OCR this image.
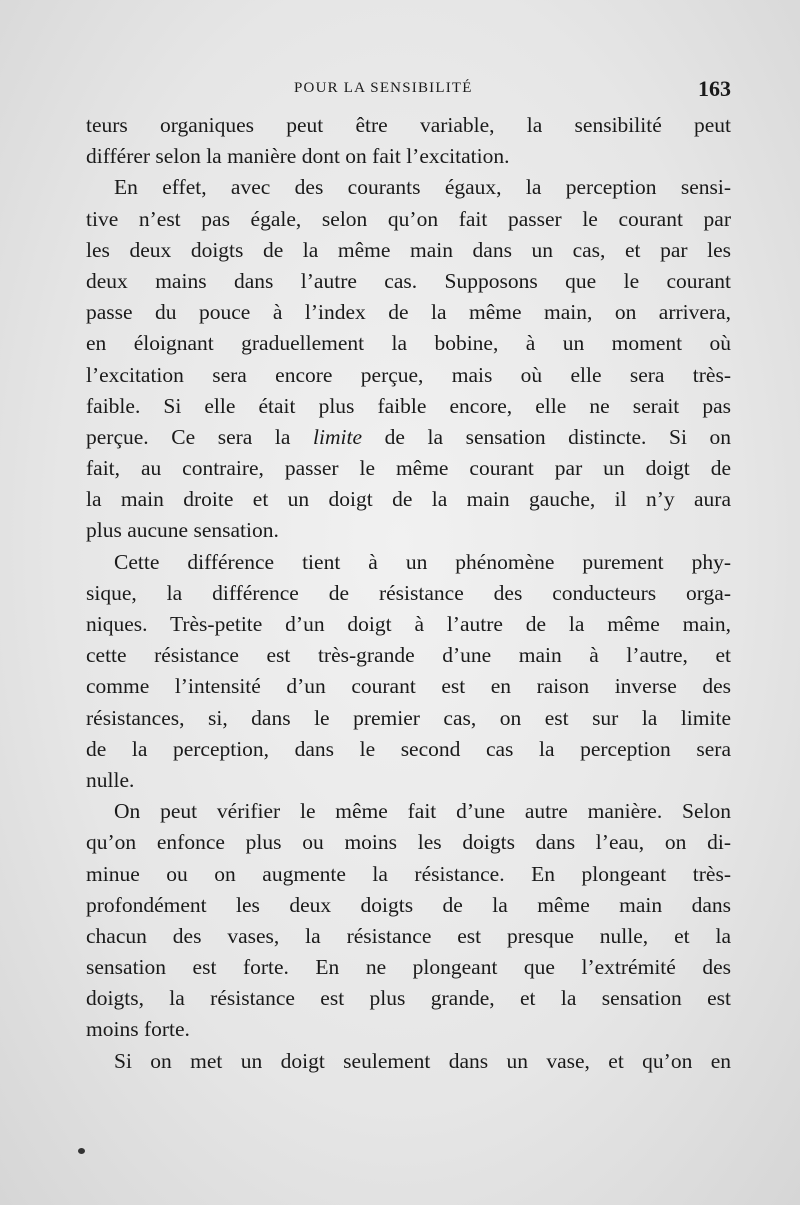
POUR LA SENSIBILITÉ	163
teurs organiques peut être variable, la sensibilité peut
différer selon la manière dont on fait l’excitation.
En effet, avec des courants égaux, la perception sensi-
tive n’est pas égale, selon qu’on fait passer le courant par
les deux doigts de la même main dans un cas, et par les
deux mains dans l’autre cas. Supposons que le courant
passe du pouce à l’index de la même main, on arrivera,
en éloignant graduellement la bobine, à un moment où
l’excitation sera encore perçue, mais où elle sera très-
faible. Si elle était plus faible encore, elle ne serait pas
perçue. Ce sera la limite de la sensation distincte. Si on
fait, au contraire, passer le même courant par un doigt de
la main droite et un doigt de la main gauche, il n’y aura
plus aucune sensation.
Cette différence tient à un phénomène purement phy-
sique, la différence de résistance des conducteurs orga-
niques. Très-petite d’un doigt à l’autre de la même main,
cette résistance est très-grande d’une main à l’autre, et
comme l’intensité d’un courant est en raison inverse des
résistances, si, dans le premier cas, on est sur la limite
de la perception, dans le second cas la perception sera
nulle.
On peut vérifier le même fait d’une autre manière. Selon
qu’on enfonce plus ou moins les doigts dans l’eau, on di-
minue ou on augmente la résistance. En plongeant très-
profondément les deux doigts de la même main dans
chacun des vases, la résistance est presque nulle, et la
sensation est forte. En ne plongeant que l’extrémité des
doigts, la résistance est plus grande, et la sensation est
moins forte.
Si on met un doigt seulement dans un vase, et qu’on en
